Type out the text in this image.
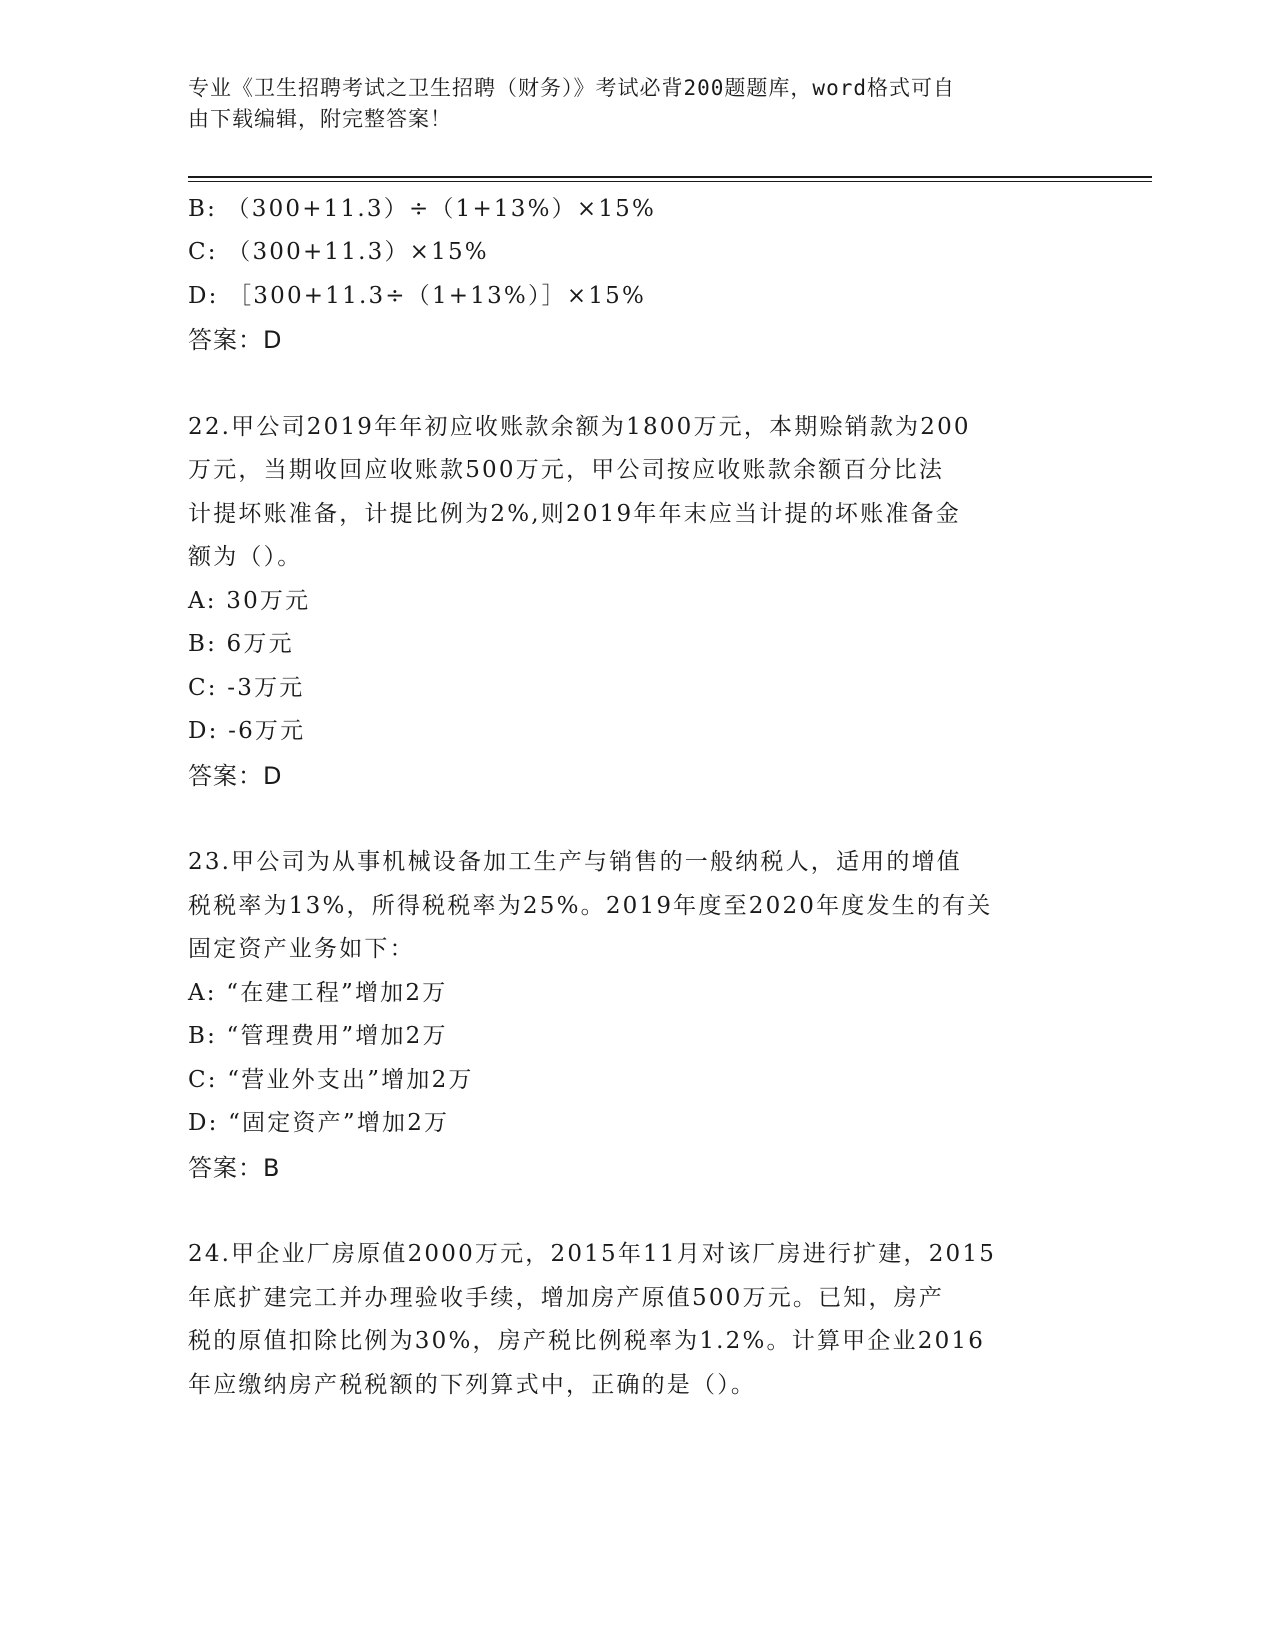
专业《卫生招聘考试之卫生招聘（财务）》考试必背200题题库，word格式可自
由下载编辑，附完整答案！
B: （300+11.3）÷（1+13%）×15%
C: （300+11.3）×15%
D: ［300+11.3÷（1+13%）］×15%
答案：D
22.甲公司2019年年初应收账款余额为1800万元，本期赊销款为200
万元，当期收回应收账款500万元，甲公司按应收账款余额百分比法
计提坏账准备，计提比例为2%,则2019年年末应当计提的坏账准备金
额为（）。
A: 30万元
B: 6万元
C: -3万元
D: -6万元
答案：D
23.甲公司为从事机械设备加工生产与销售的一般纳税人，适用的增值
税税率为13%，所得税税率为25%。2019年度至2020年度发生的有关
固定资产业务如下：
A: “在建工程”增加2万
B: “管理费用”增加2万
C: “营业外支出”增加2万
D: “固定资产”增加2万
答案：B
24.甲企业厂房原值2000万元，2015年11月对该厂房进行扩建，2015
年底扩建完工并办理验收手续，增加房产原值500万元。已知，房产
税的原值扣除比例为30%，房产税比例税率为1.2%。计算甲企业2016
年应缴纳房产税税额的下列算式中，正确的是（）。
